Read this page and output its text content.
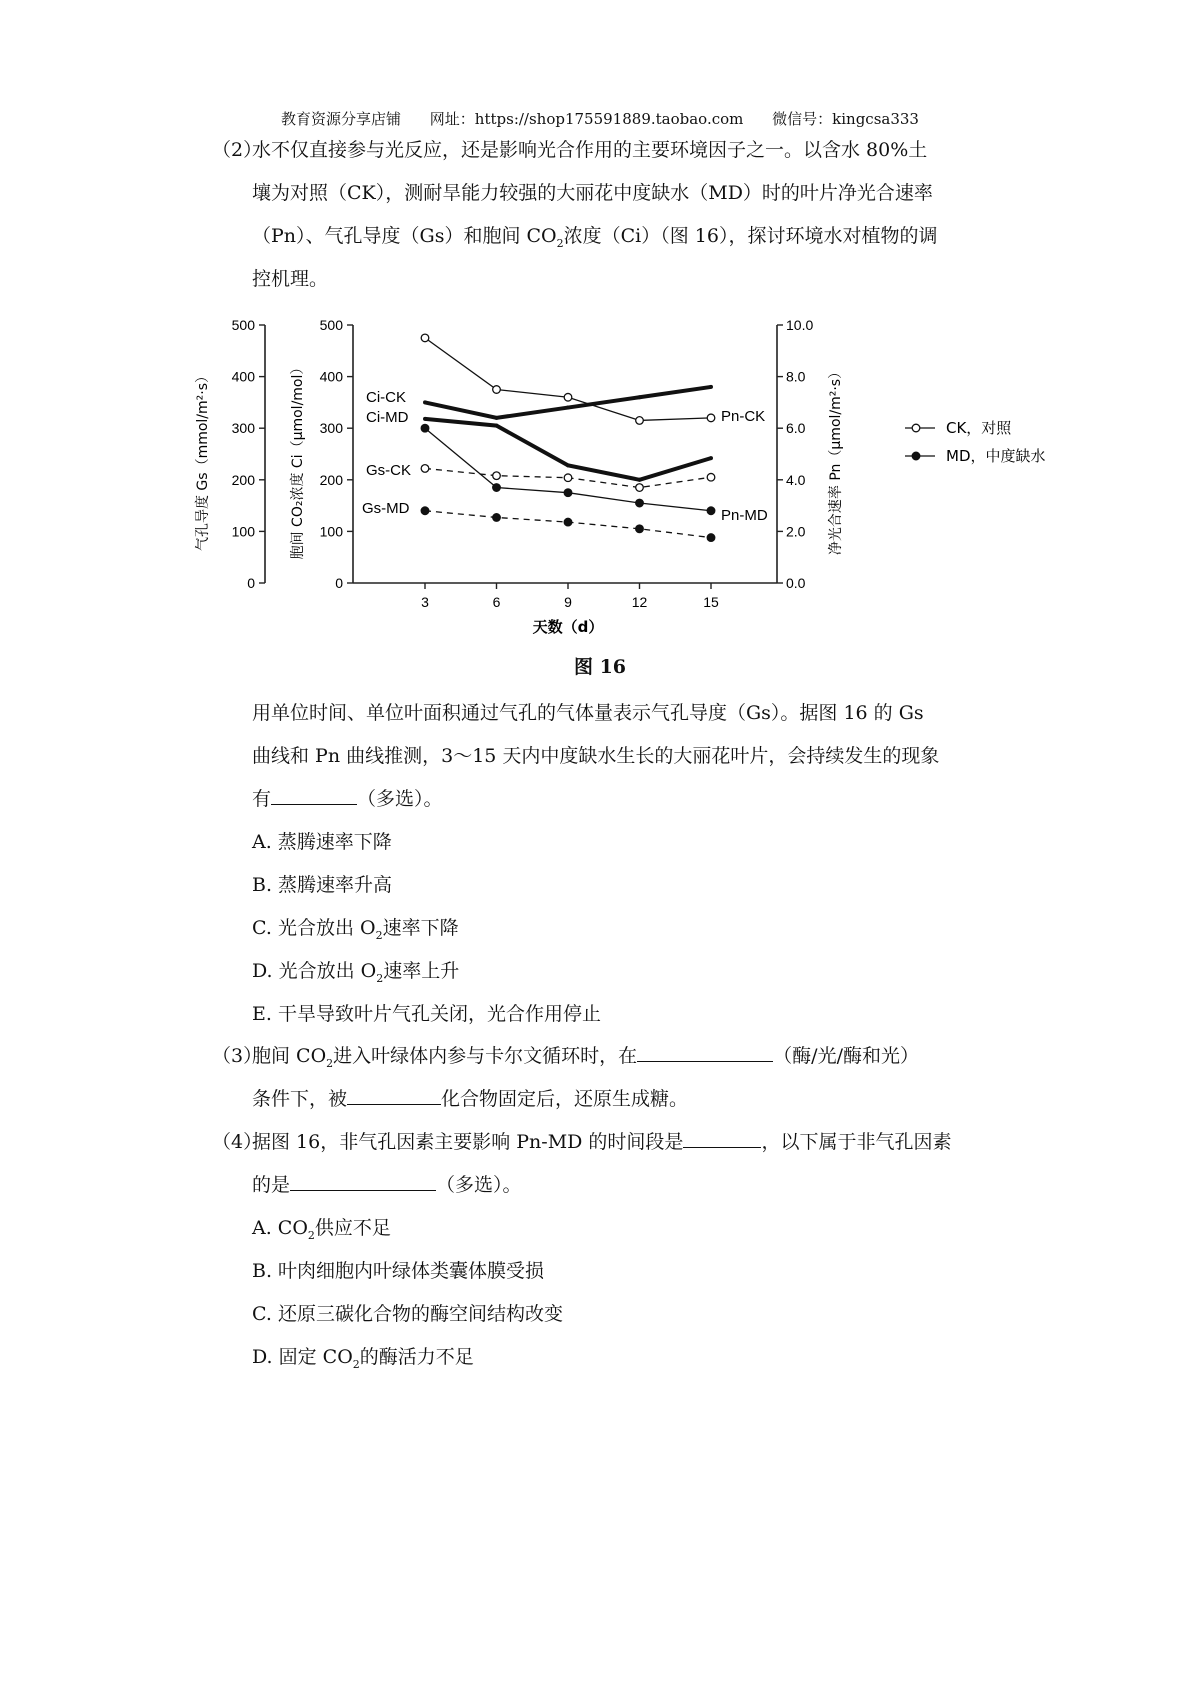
教育资源分享店铺 网址：https://shop175591889.taobao.com 微信号：kingcsa333
（2）
水不仅直接参与光反应，还是影响光合作用的主要环境因子之一。以含水 80%土
壤为对照（CK），测耐旱能力较强的大丽花中度缺水（MD）时的叶片净光合速率
（Pn）、气孔导度（Gs）和胞间 $CO_2$浓度（Ci）（图 16），探讨环境水对植物的调
控机理。
0
100
200
300
400
500
0
100
200
300
400
500
0.0
2.0
4.0
6.0
8.0
10.0
3	6	9	12	15
天数（d）
气孔导度 Gs（mmol/m²·s）	胞间 CO₂浓度 Ci（μmol/mol）	净光合速率 Pn（μmol/m²·s）
Ci-CK
Ci-MD
Gs-CK
Gs-MD
Pn-CK
Pn-MD
CK，对照
MD，中度缺水
图 16
用单位时间、单位叶面积通过气孔的气体量表示气孔导度（Gs）。据图 16 的 Gs
曲线和 Pn 曲线推测，3～15 天内中度缺水生长的大丽花叶片，会持续发生的现象
有	（多选）。
A. 蒸腾速率下降
B. 蒸腾速率升高
C. 光合放出 $O_2$速率下降
D. 光合放出 $O_2$速率上升
E. 干旱导致叶片气孔关闭，光合作用停止
（3）
胞间 $CO_2$进入叶绿体内参与卡尔文循环时，在	（酶/光/酶和光）
条件下，被	化合物固定后，还原生成糖。
（4）
据图 16，非气孔因素主要影响 Pn-MD 的时间段是	，以下属于非气孔因素
的是	（多选）。
A. $CO_2$供应不足
B. 叶肉细胞内叶绿体类囊体膜受损
C. 还原三碳化合物的酶空间结构改变
D. 固定 $CO_2$的酶活力不足
